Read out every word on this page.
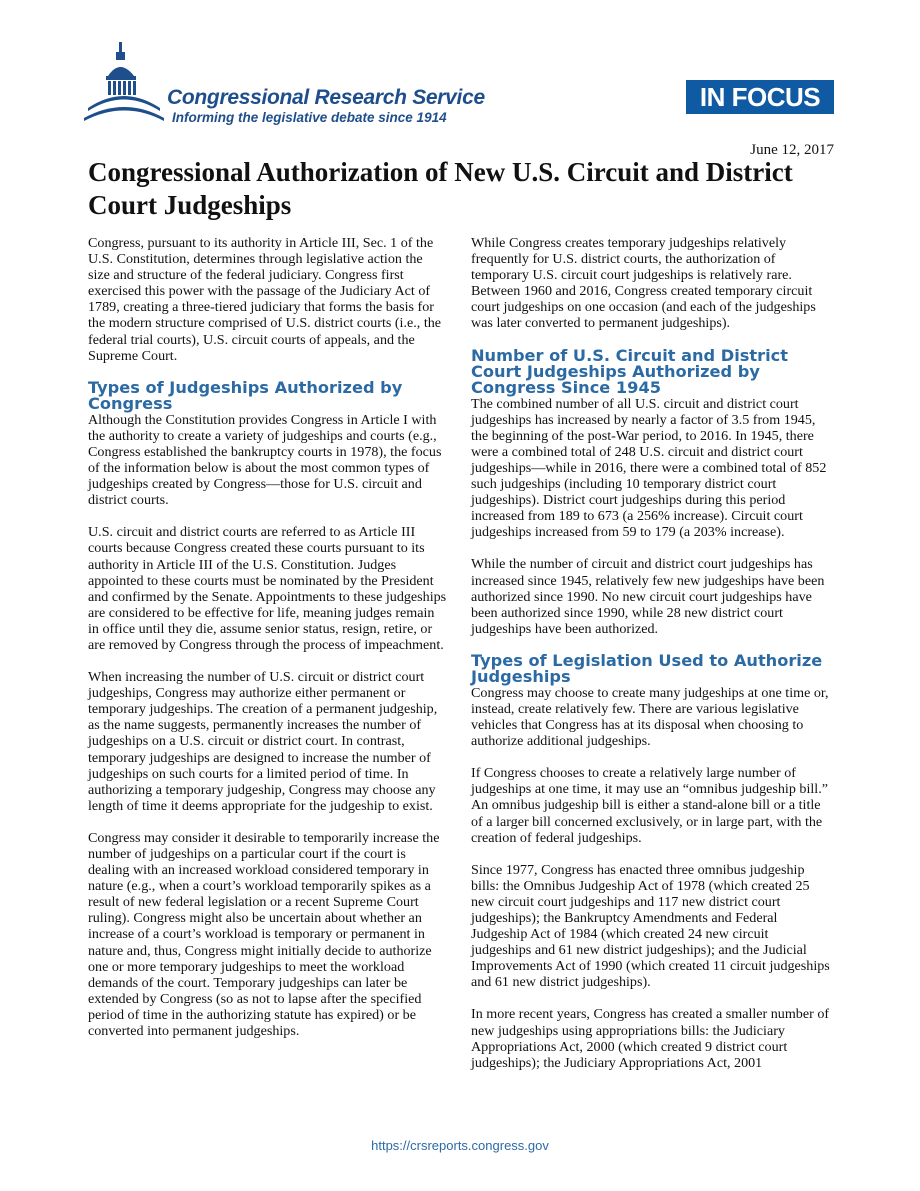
Congressional Research Service
Informing the legislative debate since 1914
IN FOCUS
June 12, 2017
Congressional Authorization of New U.S. Circuit and District Court Judgeships

Congress, pursuant to its authority in Article III, Sec. 1 of the U.S. Constitution, determines through legislative action the size and structure of the federal judiciary. Congress first exercised this power with the passage of the Judiciary Act of 1789, creating a three-tiered judiciary that forms the basis for the modern structure comprised of U.S. district courts (i.e., the federal trial courts), U.S. circuit courts of appeals, and the Supreme Court.

Types of Judgeships Authorized by Congress

Although the Constitution provides Congress in Article I with the authority to create a variety of judgeships and courts (e.g., Congress established the bankruptcy courts in 1978), the focus of the information below is about the most common types of judgeships created by Congress—those for U.S. circuit and district courts.

U.S. circuit and district courts are referred to as Article III courts because Congress created these courts pursuant to its authority in Article III of the U.S. Constitution. Judges appointed to these courts must be nominated by the President and confirmed by the Senate. Appointments to these judgeships are considered to be effective for life, meaning judges remain in office until they die, assume senior status, resign, retire, or are removed by Congress through the process of impeachment.

When increasing the number of U.S. circuit or district court judgeships, Congress may authorize either permanent or temporary judgeships. The creation of a permanent judgeship, as the name suggests, permanently increases the number of judgeships on a U.S. circuit or district court. In contrast, temporary judgeships are designed to increase the number of judgeships on such courts for a limited period of time. In authorizing a temporary judgeship, Congress may choose any length of time it deems appropriate for the judgeship to exist.

Congress may consider it desirable to temporarily increase the number of judgeships on a particular court if the court is dealing with an increased workload considered temporary in nature (e.g., when a court’s workload temporarily spikes as a result of new federal legislation or a recent Supreme Court ruling). Congress might also be uncertain about whether an increase of a court’s workload is temporary or permanent in nature and, thus, Congress might initially decide to authorize one or more temporary judgeships to meet the workload demands of the court. Temporary judgeships can later be extended by Congress (so as not to lapse after the specified period of time in the authorizing statute has expired) or be converted into permanent judgeships.

While Congress creates temporary judgeships relatively frequently for U.S. district courts, the authorization of temporary U.S. circuit court judgeships is relatively rare. Between 1960 and 2016, Congress created temporary circuit court judgeships on one occasion (and each of the judgeships was later converted to permanent judgeships).

Number of U.S. Circuit and District Court Judgeships Authorized by Congress Since 1945

The combined number of all U.S. circuit and district court judgeships has increased by nearly a factor of 3.5 from 1945, the beginning of the post-War period, to 2016. In 1945, there were a combined total of 248 U.S. circuit and district court judgeships—while in 2016, there were a combined total of 852 such judgeships (including 10 temporary district court judgeships). District court judgeships during this period increased from 189 to 673 (a 256% increase). Circuit court judgeships increased from 59 to 179 (a 203% increase).

While the number of circuit and district court judgeships has increased since 1945, relatively few new judgeships have been authorized since 1990. No new circuit court judgeships have been authorized since 1990, while 28 new district court judgeships have been authorized.

Types of Legislation Used to Authorize Judgeships

Congress may choose to create many judgeships at one time or, instead, create relatively few. There are various legislative vehicles that Congress has at its disposal when choosing to authorize additional judgeships.

If Congress chooses to create a relatively large number of judgeships at one time, it may use an “omnibus judgeship bill.” An omnibus judgeship bill is either a stand-alone bill or a title of a larger bill concerned exclusively, or in large part, with the creation of federal judgeships.

Since 1977, Congress has enacted three omnibus judgeship bills: the Omnibus Judgeship Act of 1978 (which created 25 new circuit court judgeships and 117 new district court judgeships); the Bankruptcy Amendments and Federal Judgeship Act of 1984 (which created 24 new circuit judgeships and 61 new district judgeships); and the Judicial Improvements Act of 1990 (which created 11 circuit judgeships and 61 new district judgeships).

In more recent years, Congress has created a smaller number of new judgeships using appropriations bills: the Judiciary Appropriations Act, 2000 (which created 9 district court judgeships); the Judiciary Appropriations Act, 2001

https://crsreports.congress.gov
